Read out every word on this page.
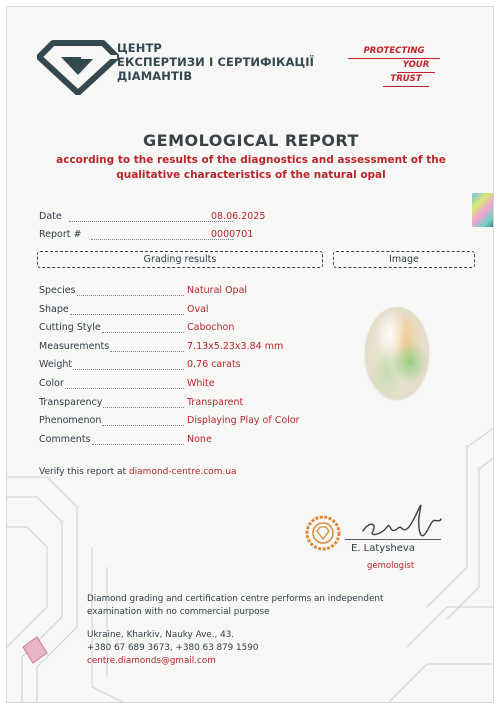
ЦЕНТР
ЕКСПЕРТИЗИ І СЕРТИФІКАЦІЇ
ДІАМАНТІВ
PROTECTING
YOUR
TRUST
GEMOLOGICAL REPORT
according to the results of the diagnostics and assessment of the qualitative characteristics of the natural opal
Date	08.06.2025
Report #	0000701
Grading results	Image
Species	Natural Opal
Shape	Oval
Cutting Style	Cabochon
Measurements	7.13x5.23x3.84 mm
Weight	0.76 carats
Color	White
Transparency	Transparent
Phenomenon	Displaying Play of Color
Comments	None
Verify this report at diamond-centre.com.ua
E. Latysheva
gemologist
Diamond grading and certification centre performs an independent examination with no commercial purpose
Ukraine, Kharkiv, Nauky Ave., 43.
+380 67 689 3673, +380 63 879 1590
centre.diamonds@gmail.com
